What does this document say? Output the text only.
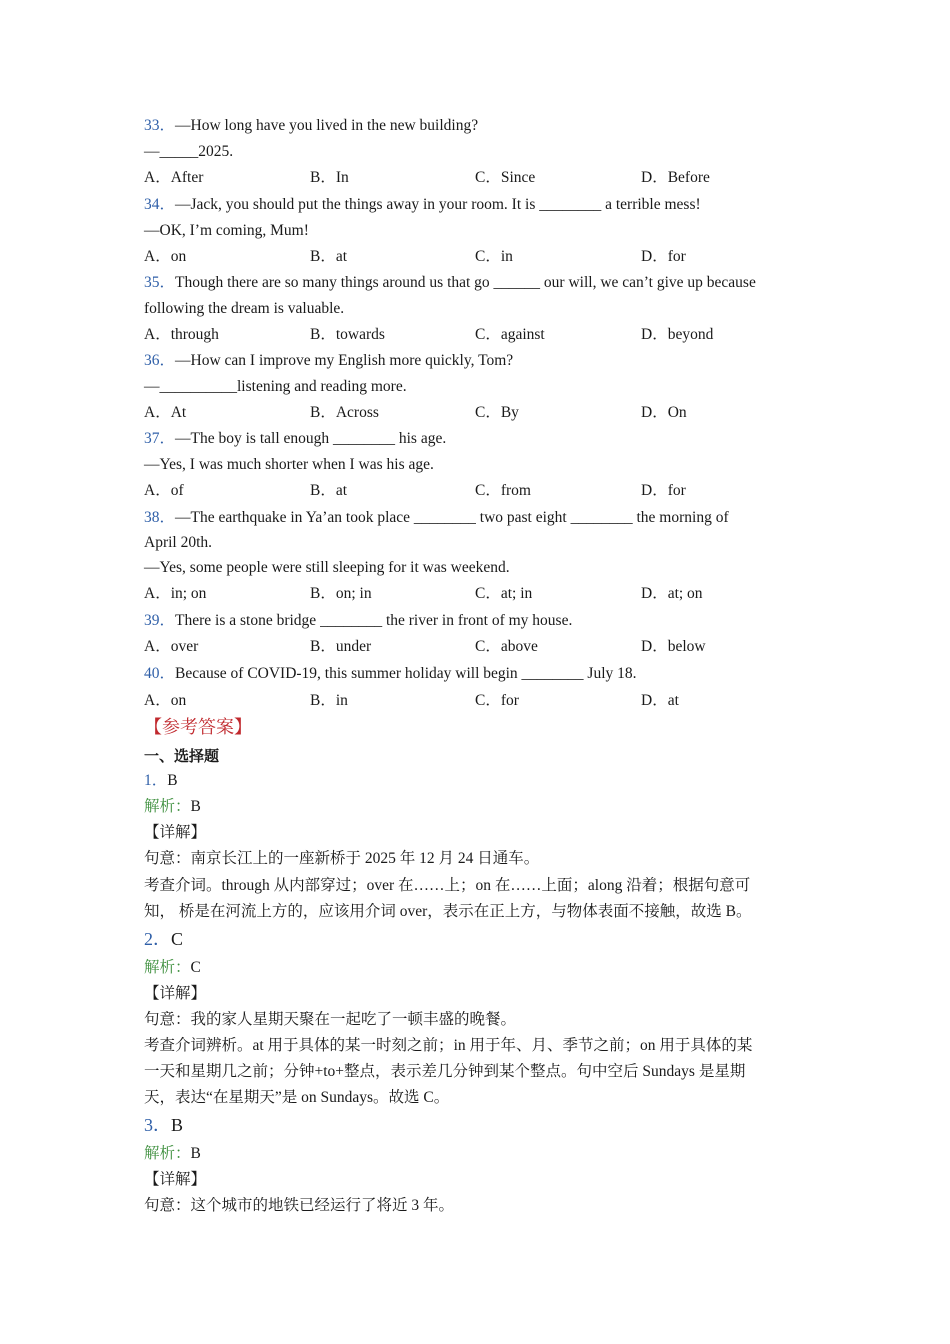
33．—How long have you lived in the new building?
—_____2025.
A．After	B．In	C．Since	D．Before
34．—Jack, you should put the things away in your room. It is ________ a terrible mess!
—OK, I’m coming, Mum!
A．on	B．at	C．in	D．for
35．Though there are so many things around us that go ______ our will, we can’t give up because
following the dream is valuable.
A．through	B．towards	C．against	D．beyond
36．—How can I improve my English more quickly, Tom?
—__________listening and reading more.
A．At	B．Across	C．By	D．On
37．—The boy is tall enough ________ his age.
—Yes, I was much shorter when I was his age.
A．of	B．at	C．from	D．for
38．—The earthquake in Ya’an took place ________ two past eight ________ the morning of
April 20th.
—Yes, some people were still sleeping for it was weekend.
A．in; on	B．on; in	C．at; in	D．at; on
39．There is a stone bridge ________ the river in front of my house.
A．over	B．under	C．above	D．below
40．Because of COVID-19, this summer holiday will begin ________ July 18.
A．on	B．in	C．for	D．at
【参考答案】
一、选择题
1．B
解析：B
【详解】
句意：南京长江上的一座新桥于 2025 年 12 月 24 日通车。
考查介词。through 从内部穿过；over 在……上；on 在……上面；along 沿着；根据句意可
知， 桥是在河流上方的，应该用介词 over，表示在正上方，与物体表面不接触，故选 B。
2．C
解析：C
【详解】
句意：我的家人星期天聚在一起吃了一顿丰盛的晚餐。
考查介词辨析。at 用于具体的某一时刻之前；in 用于年、月、季节之前；on 用于具体的某
一天和星期几之前；分钟+to+整点，表示差几分钟到某个整点。句中空后 Sundays 是星期
天，表达“在星期天”是 on Sundays。故选 C。
3．B
解析：B
【详解】
句意：这个城市的地铁已经运行了将近 3 年。
